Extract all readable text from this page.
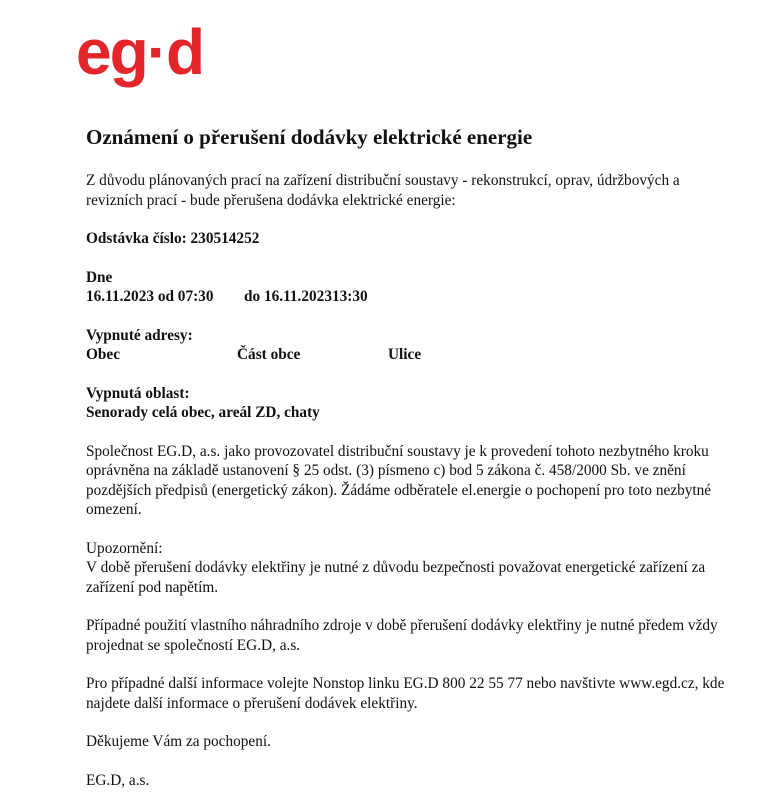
eg·d
Oznámení o přerušení dodávky elektrické energie

Z důvodu plánovaných prací na zařízení distribuční soustavy - rekonstrukcí, oprav, údržbových a revizních prací - bude přerušena dodávka elektrické energie:

Odstávka číslo: 230514252

Dne

16.11.2023 od 07:30	do 16.11.2023 13:30

Vypnuté adresy:

Obec	Část obce	Ulice

Vypnutá oblast:

Senorady celá obec, areál ZD, chaty

Společnost EG.D, a.s. jako provozovatel distribuční soustavy je k provedení tohoto nezbytného kroku oprávněna na základě ustanovení § 25 odst. (3) písmeno c) bod 5 zákona č. 458/2000 Sb. ve znění pozdějších předpisů (energetický zákon). Žádáme odběratele el.energie o pochopení pro toto nezbytné omezení.

Upozornění:

V době přerušení dodávky elektřiny je nutné z důvodu bezpečnosti považovat energetické zařízení za zařízení pod napětím.

Případné použití vlastního náhradního zdroje v době přerušení dodávky elektřiny je nutné předem vždy projednat se společností EG.D, a.s.

Pro případné další informace volejte Nonstop linku EG.D 800 22 55 77 nebo navštivte www.egd.cz, kde najdete další informace o přerušení dodávek elektřiny.

Děkujeme Vám za pochopení.

EG.D, a.s.
